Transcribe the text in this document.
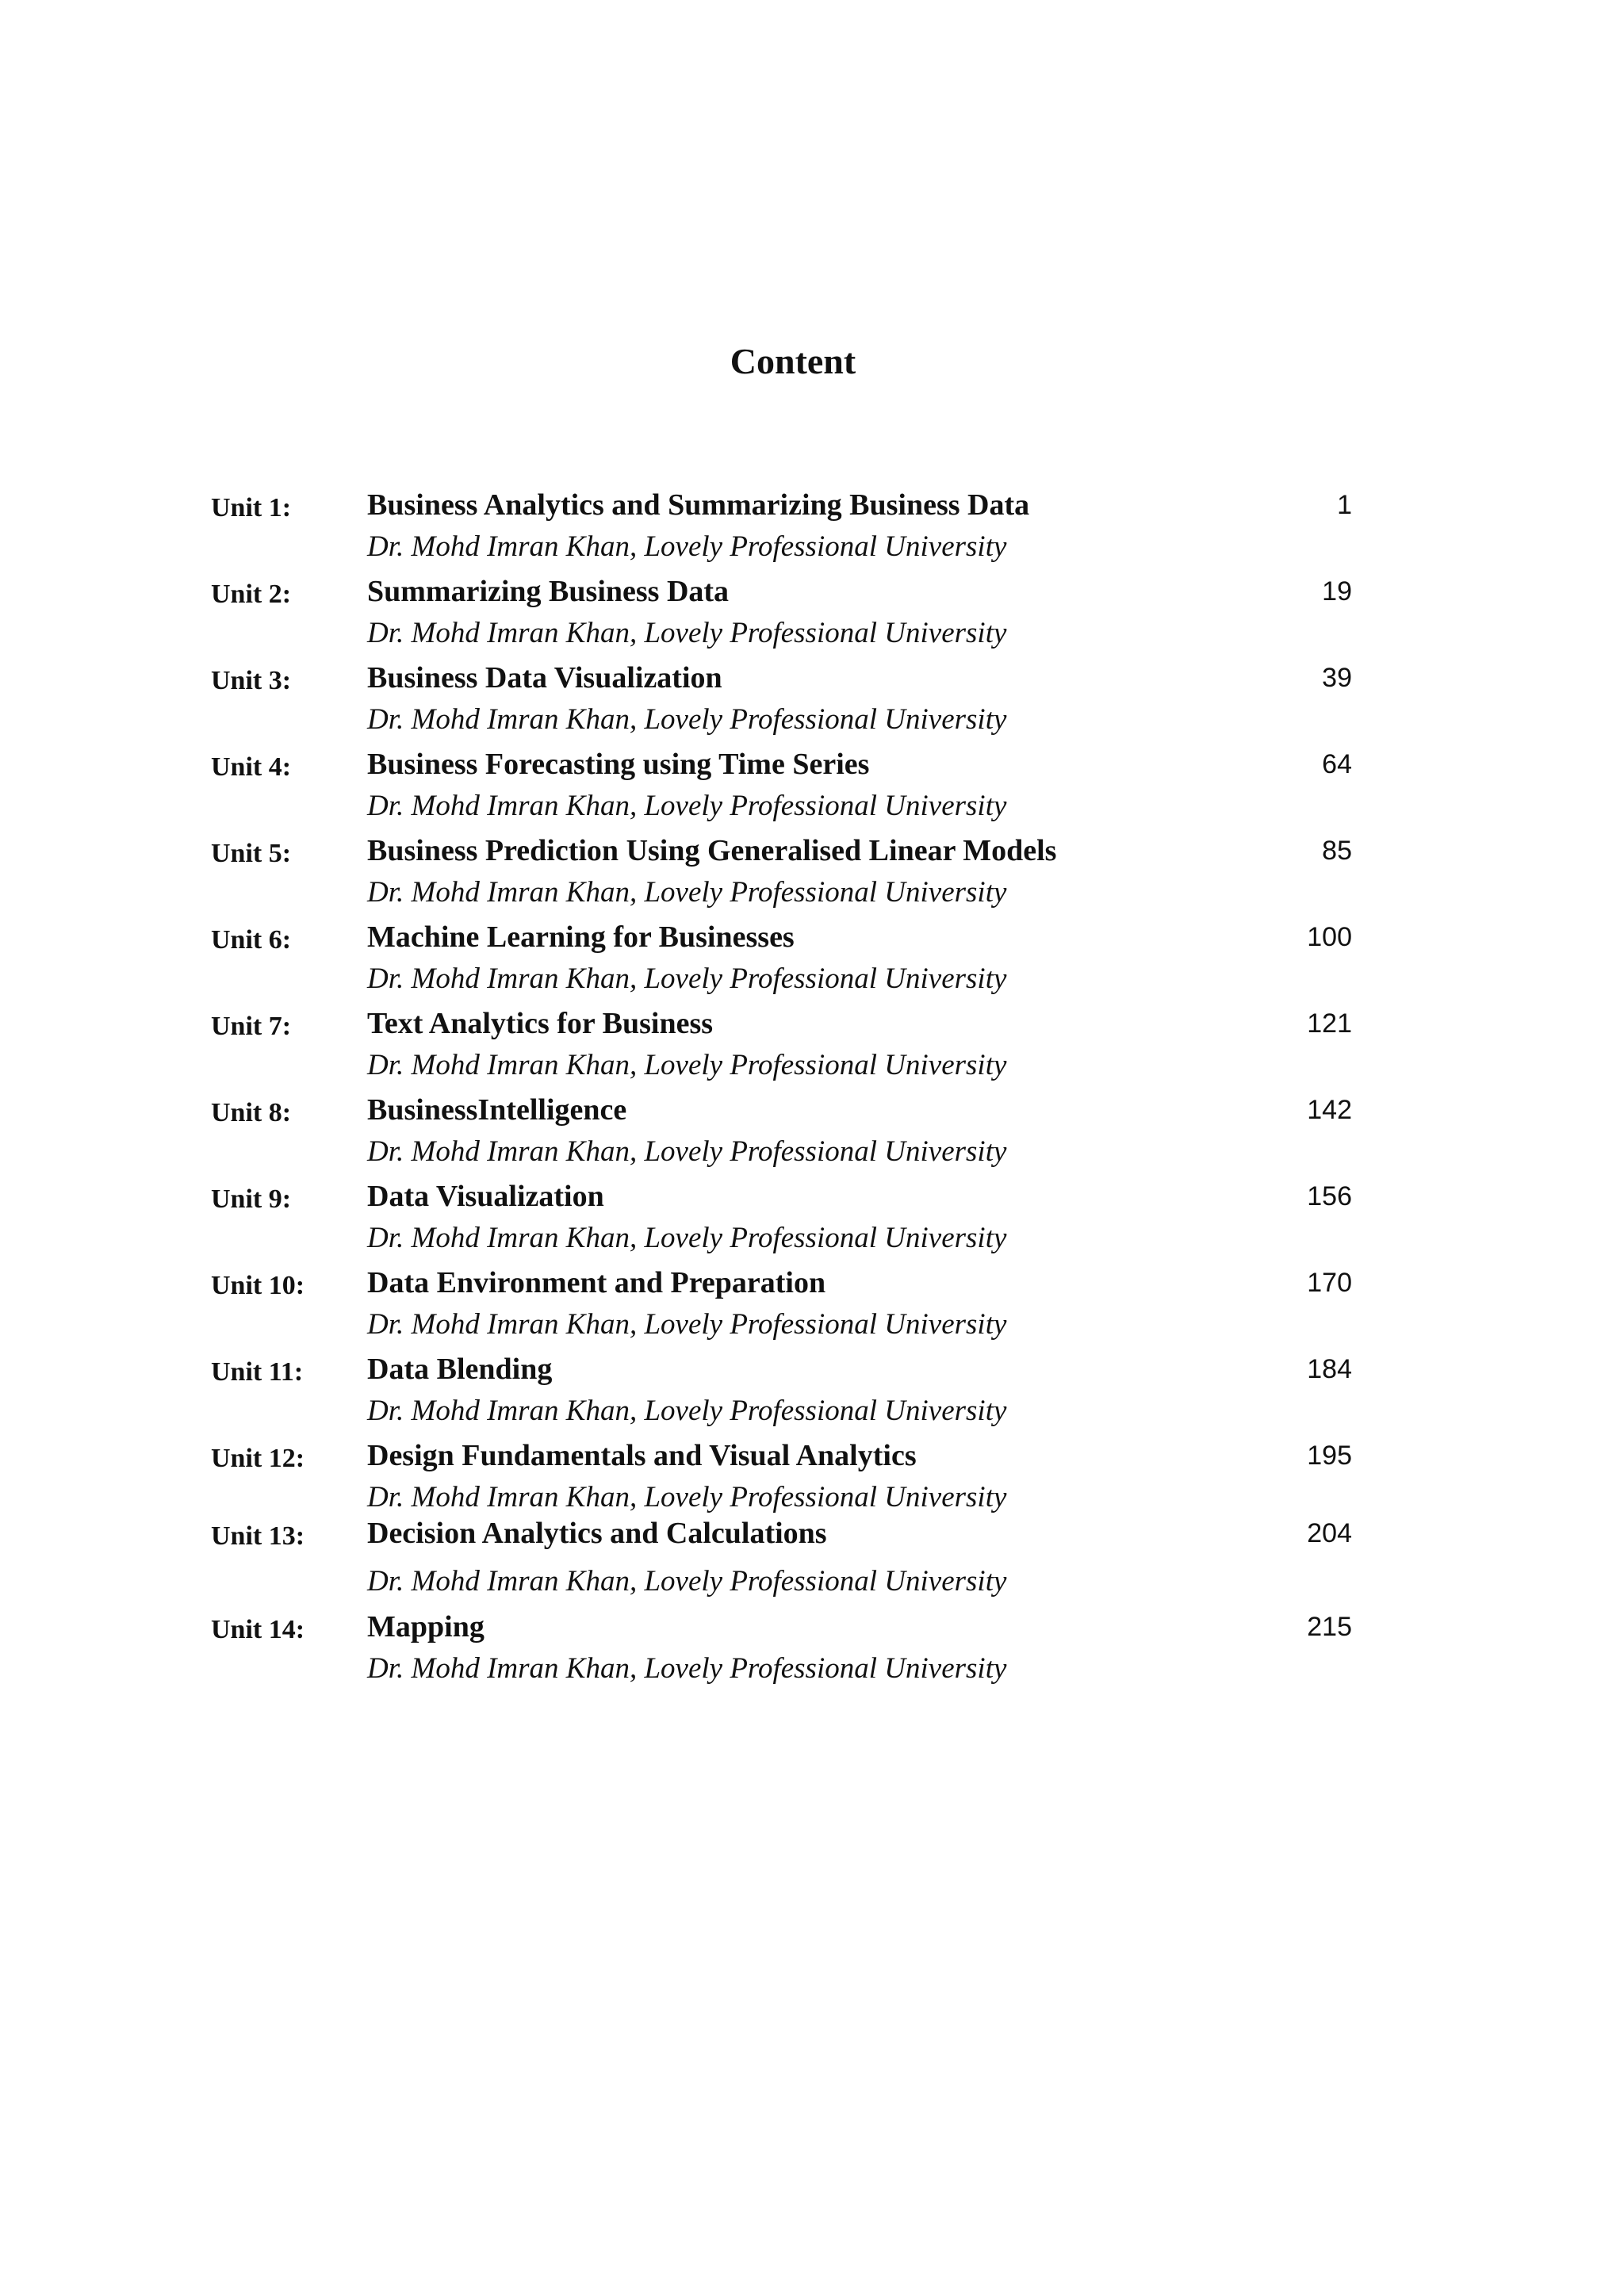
Content
Unit 1:	Business Analytics and Summarizing Business Data
Dr. Mohd Imran Khan, Lovely Professional University
1
Unit 2:	Summarizing Business Data
Dr. Mohd Imran Khan, Lovely Professional University
19
Unit 3:	Business Data Visualization
Dr. Mohd Imran Khan, Lovely Professional University
39
Unit 4:	Business Forecasting using Time Series
Dr. Mohd Imran Khan, Lovely Professional University
64
Unit 5:	Business Prediction Using Generalised Linear Models
Dr. Mohd Imran Khan, Lovely Professional University
85
Unit 6:	Machine Learning for Businesses
Dr. Mohd Imran Khan, Lovely Professional University
100
Unit 7:	Text Analytics for Business
Dr. Mohd Imran Khan, Lovely Professional University
121
Unit 8:	BusinessIntelligence
Dr. Mohd Imran Khan, Lovely Professional University
142
Unit 9:	Data Visualization
Dr. Mohd Imran Khan, Lovely Professional University
156
Unit 10: Data Environment and Preparation
Dr. Mohd Imran Khan, Lovely Professional University
170
Unit 11: Data Blending
Dr. Mohd Imran Khan, Lovely Professional University
184
Unit 12: Design Fundamentals and Visual Analytics
Dr. Mohd Imran Khan, Lovely Professional University
195
Unit 13: Decision Analytics and Calculations
Dr. Mohd Imran Khan, Lovely Professional University
204
Unit 14: Mapping
Dr. Mohd Imran Khan, Lovely Professional University
215
